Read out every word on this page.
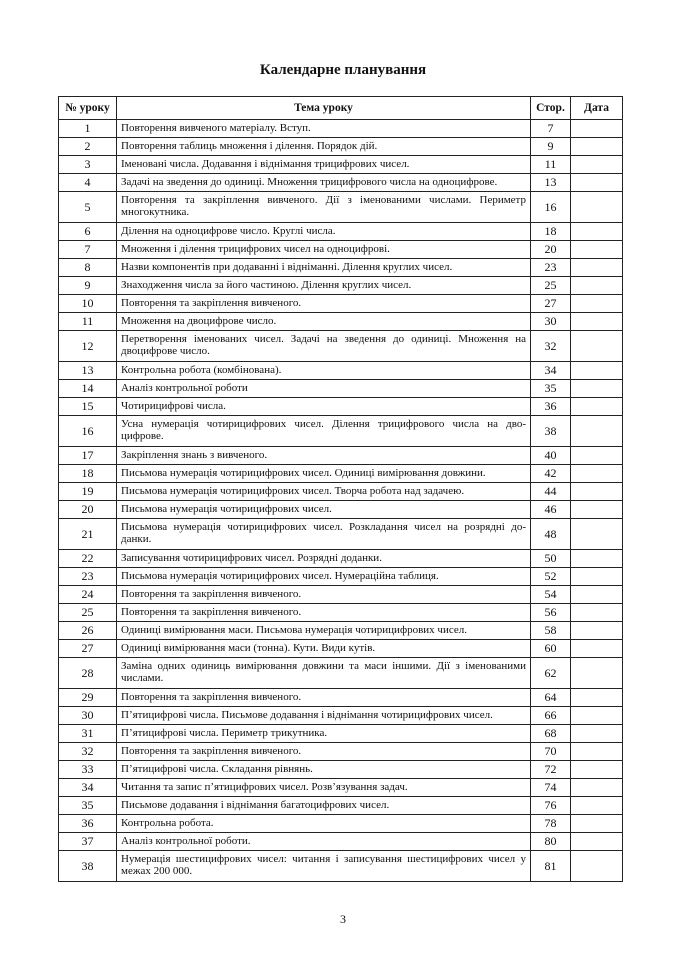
Календарне планування
№ уроку	Тема уроку	Стор.	Дата
1	Повторення вивченого матеріалу. Вступ.	7	
2	Повторення таблиць множення і ділення. Порядок дій.	9	
3	Іменовані числа. Додавання і віднімання трицифрових чисел.	11	
4	Задачі на зведення до одиниці. Множення трицифрового числа на одноцифрове.	13	
5	Повторення та закріплення вивченого. Дії з іменованими числами. Периметр многокутника.	16	
6	Ділення на одноцифрове число. Круглі числа.	18	
7	Множення і ділення трицифрових чисел на одноцифрові.	20	
8	Назви компонентів при додаванні і відніманні. Ділення круглих чисел.	23	
9	Знаходження числа за його частиною. Ділення круглих чисел.	25	
10	Повторення та закріплення вивченого.	27	
11	Множення на двоцифрове число.	30	
12	Перетворення іменованих чисел. Задачі на зведення до одиниці. Множення на двоцифрове число.	32	
13	Контрольна робота (комбінована).	34	
14	Аналіз контрольної роботи	35	
15	Чотирицифрові числа.	36	
16	Усна нумерація чотирицифрових чисел. Ділення трицифрового числа на дво- цифрове.	38	
17	Закріплення знань з вивченого.	40	
18	Письмова нумерація чотирицифрових чисел. Одиниці вимірювання довжини.	42	
19	Письмова нумерація чотирицифрових чисел. Творча робота над задачею.	44	
20	Письмова нумерація чотирицифрових чисел.	46	
21	Письмова нумерація чотирицифрових чисел. Розкладання чисел на розрядні до- данки.	48	
22	Записування чотирицифрових чисел. Розрядні доданки.	50	
23	Письмова нумерація чотирицифрових чисел. Нумераційна таблиця.	52	
24	Повторення та закріплення вивченого.	54	
25	Повторення та закріплення вивченого.	56	
26	Одиниці вимірювання маси. Письмова нумерація чотирицифрових чисел.	58	
27	Одиниці вимірювання маси (тонна). Кути. Види кутів.	60	
28	Заміна одних одиниць вимірювання довжини та маси іншими. Дії з іменованими числами.	62	
29	Повторення та закріплення вивченого.	64	
30	П’ятицифрові числа. Письмове додавання і віднімання чотирицифрових чисел.	66	
31	П’ятицифрові числа. Периметр трикутника.	68	
32	Повторення та закріплення вивченого.	70	
33	П’ятицифрові числа. Складання рівнянь.	72	
34	Читання та запис п’ятицифрових чисел. Розв’язування задач.	74	
35	Письмове додавання і віднімання багатоцифрових чисел.	76	
36	Контрольна робота.	78	
37	Аналіз контрольної роботи.	80	
38	Нумерація шестицифрових чисел: читання і записування шестицифрових чисел у межах 200 000.	81	
3
